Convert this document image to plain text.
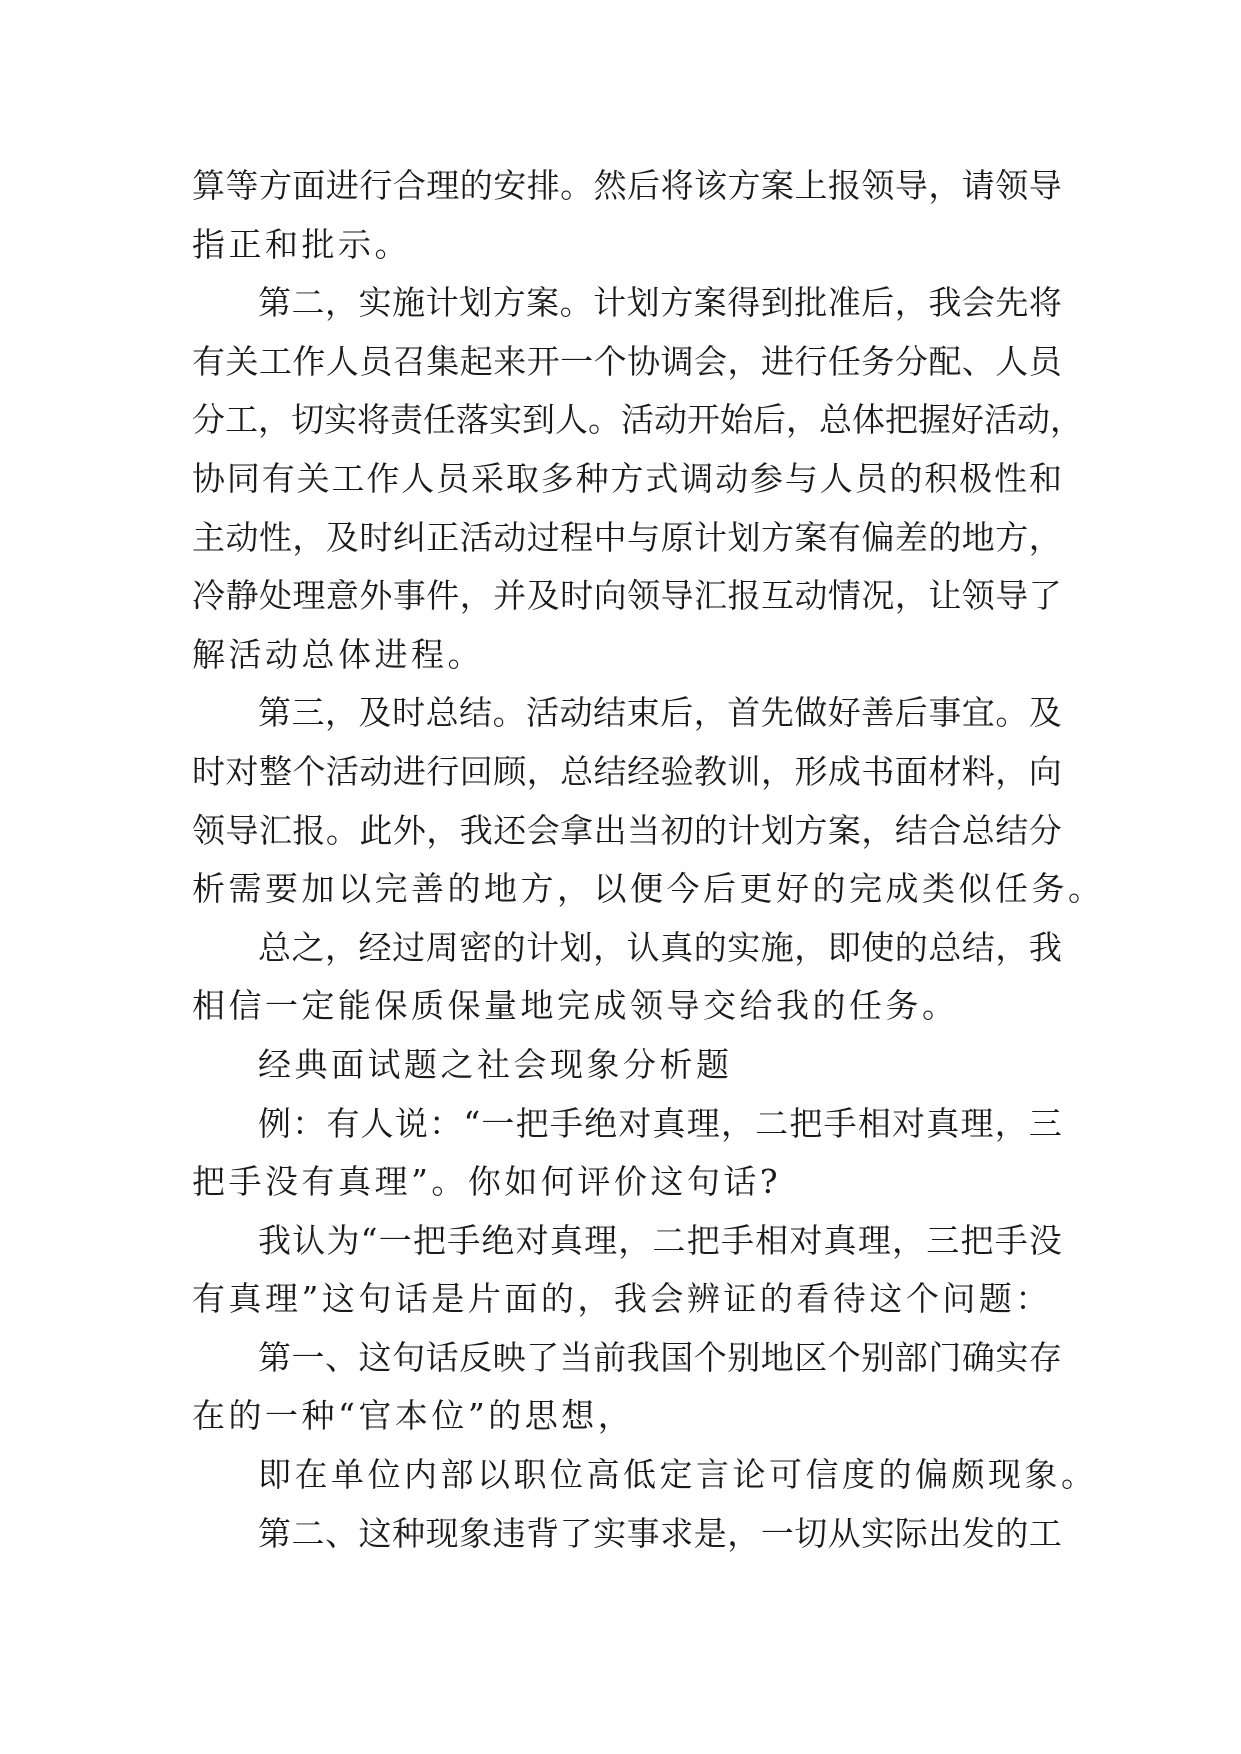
算 等 方 面 进 行 合 理 的 安 排 。 然 后 将 该 方 案 上 报 领 导 ， 请 领 导
指正和批示。
第 二 ， 实 施 计 划 方 案 。 计 划 方 案 得 到 批 准 后 ， 我 会 先 将
有 关 工 作 人 员 召 集 起 来 开 一 个 协 调 会 ， 进 行 任 务 分 配 、 人 员
分 工 ， 切 实 将 责 任 落 实 到 人 。 活 动 开 始 后 ， 总 体 把 握 好 活 动 ，
协 同 有 关 工 作 人 员 采 取 多 种 方 式 调 动 参 与 人 员 的 积 极 性 和
主 动 性 ， 及 时 纠 正 活 动 过 程 中 与 原 计 划 方 案 有 偏 差 的 地 方 ，
冷 静 处 理 意 外 事 件 ， 并 及 时 向 领 导 汇 报 互 动 情 况 ， 让 领 导 了
解活动总体进程。
第 三 ， 及 时 总 结 。 活 动 结 束 后 ， 首 先 做 好 善 后 事 宜 。 及
时 对 整 个 活 动 进 行 回 顾 ， 总 结 经 验 教 训 ， 形 成 书 面 材 料 ， 向
领 导 汇 报 。 此 外 ， 我 还 会 拿 出 当 初 的 计 划 方 案 ， 结 合 总 结 分
析需要加以完善的地方，以便今后更好的完成类似任务。
总 之 ， 经 过 周 密 的 计 划 ， 认 真 的 实 施 ， 即 使 的 总 结 ， 我
相信一定能保质保量地完成领导交给我的任务。
经典面试题之社会现象分析题
例 ： 有 人 说 ： “ 一 把 手 绝 对 真 理 ， 二 把 手 相 对 真 理 ， 三
把手没有真理”。你如何评价这句话?
我 认 为 “ 一 把 手 绝 对 真 理 ， 二 把 手 相 对 真 理 ， 三 把 手 没
有真理”这句话是片面的，我会辨证的看待这个问题：
第 一 、 这 句 话 反 映 了 当 前 我 国 个 别 地 区 个 别 部 门 确 实 存
在的一种“官本位”的思想，
即在单位内部以职位高低定言论可信度的偏颇现象。
第 二 、 这 种 现 象 违 背 了 实 事 求 是 ， 一 切 从 实 际 出 发 的 工
